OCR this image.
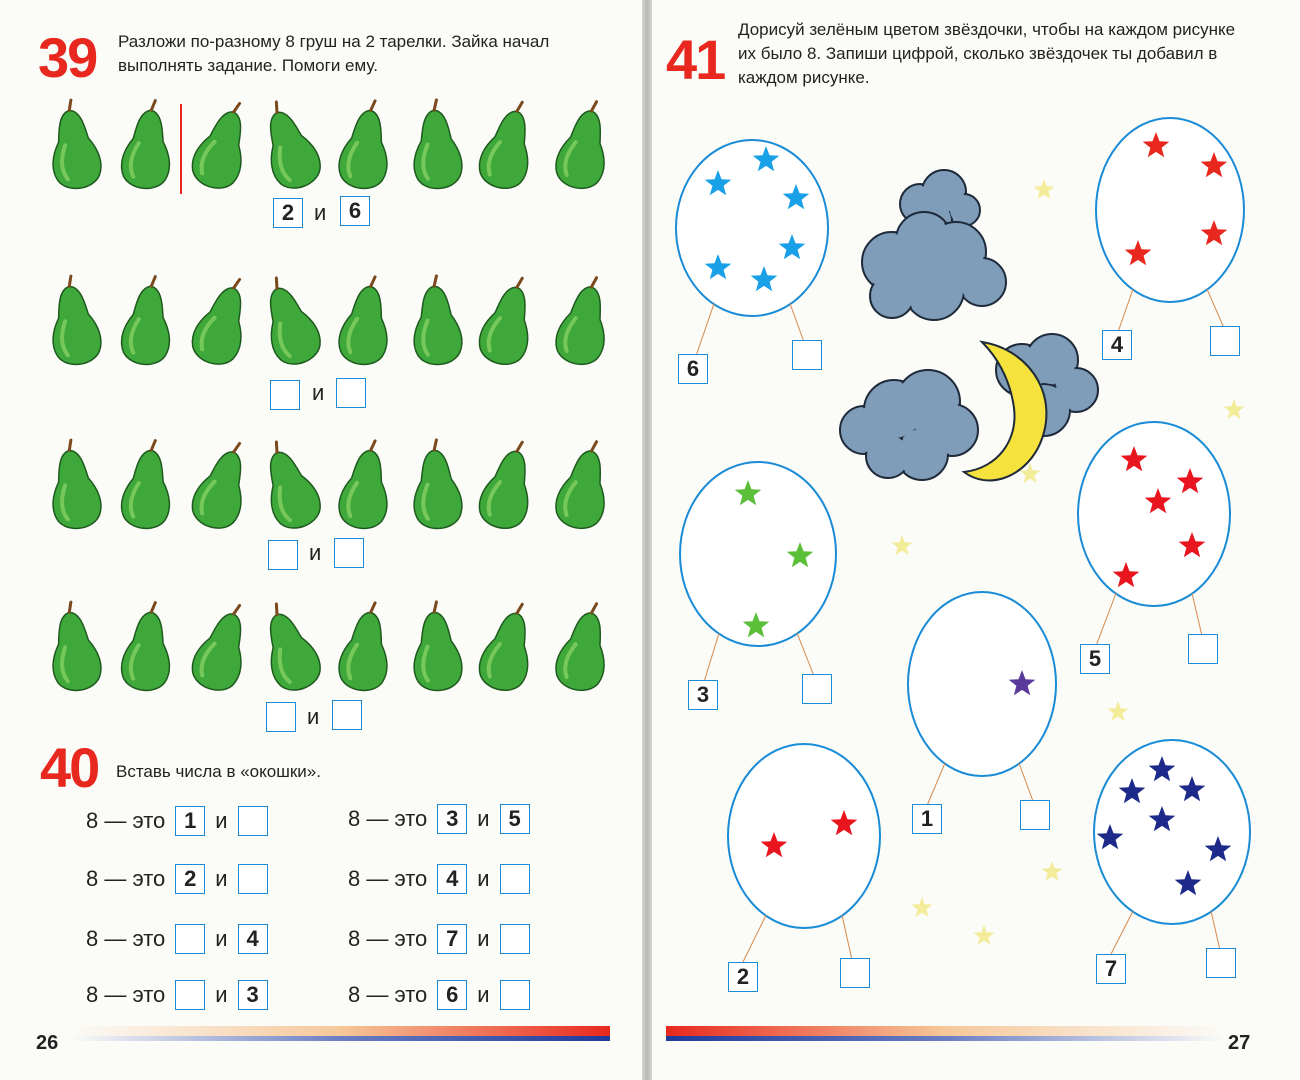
39 Разложи по-разному 8 груш на 2 тарелки. Зайка начал выполнять задание. Помоги ему.
2 и	6
и
и
и
40 Вставь числа в «окошки».
8 — это 1 и
8 — это 2 и
8 — это и 4
8 — это и 3
8 — это 3 и 5
8 — это 4 и
8 — это 7 и
8 — это 6 и
26
41 Дорисуй зелёным цветом звёздочки, чтобы на каждом рисунке их было 8. Запиши цифрой, сколько звёздочек ты добавил в каждом рисунке.
6
4
3
1
5
2	7
27
